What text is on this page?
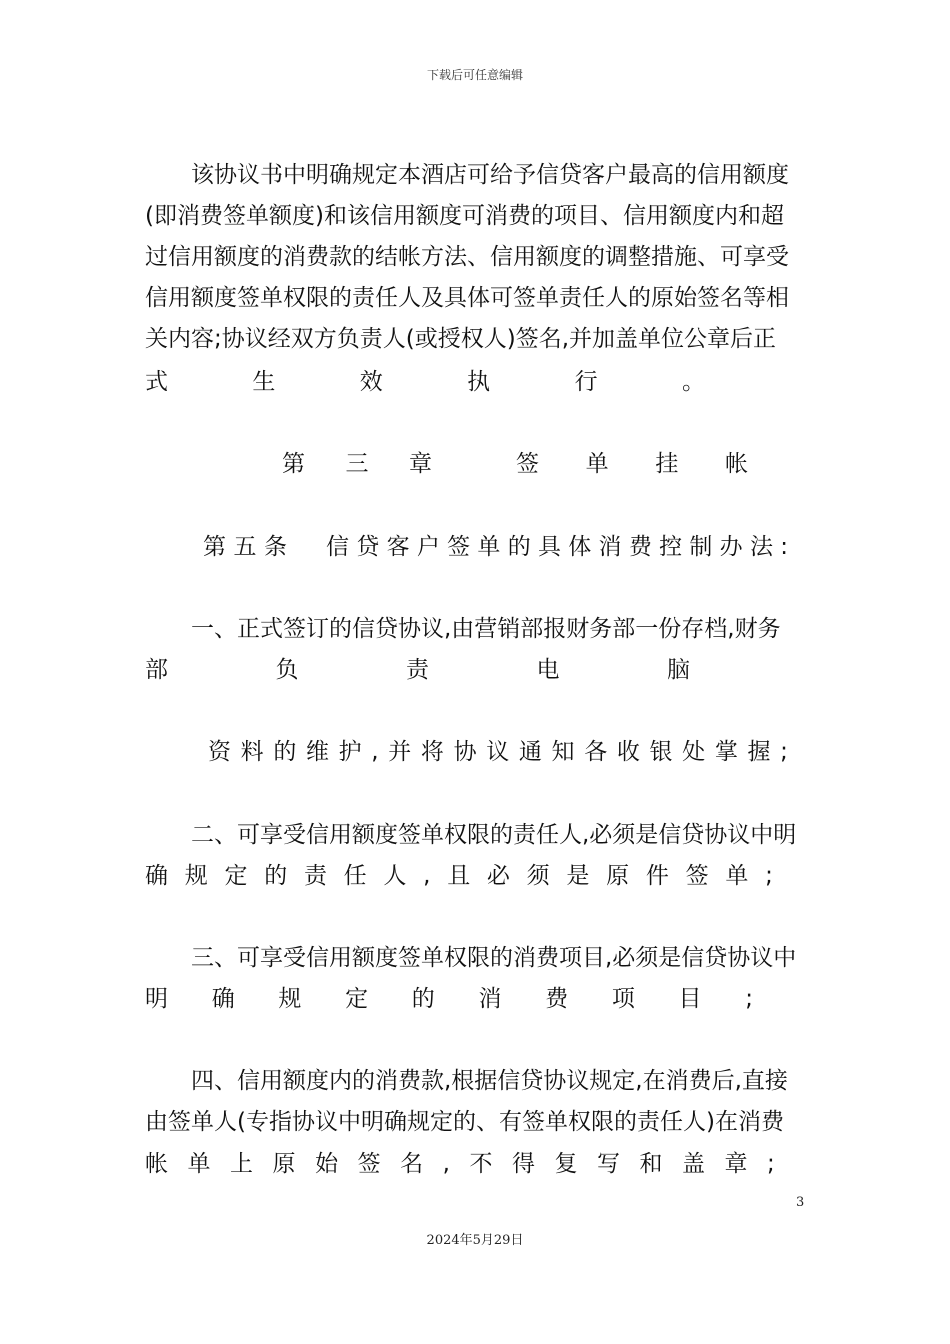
下载后可任意编辑
该协议书中明确规定本酒店可给予信贷客户最高的信用额度
(即消费签单额度)和该信用额度可消费的项目、信用额度内和超
过信用额度的消费款的结帐方法、信用额度的调整措施、可享受
信用额度签单权限的责任人及具体可签单责任人的原始签名等相
关内容;协议经双方负责人(或授权人)签名,并加盖单位公章后正
式	生	效	执	行	。
第 三 章	签 单 挂 帐
第 五 条 信 贷 客 户 签 单 的 具 体 消 费 控 制 办 法 :
一、正式签订的信贷协议,由营销部报财务部一份存档,财务
部	负	责	电	脑
资 料 的 维 护 , 并 将 协 议 通 知 各 收 银 处 掌 握 ;
二、可享受信用额度签单权限的责任人,必须是信贷协议中明
确 规 定 的 责 任 人 , 且 必 须 是 原 件 签 单 ;
三、可享受信用额度签单权限的消费项目,必须是信贷协议中
明 确 规 定 的 消 费 项 目 ;
四、信用额度内的消费款,根据信贷协议规定,在消费后,直接
由签单人(专指协议中明确规定的、有签单权限的责任人)在消费
帐 单 上 原 始 签 名 , 不 得 复 写 和 盖 章 ;
3
2024年5月29日
